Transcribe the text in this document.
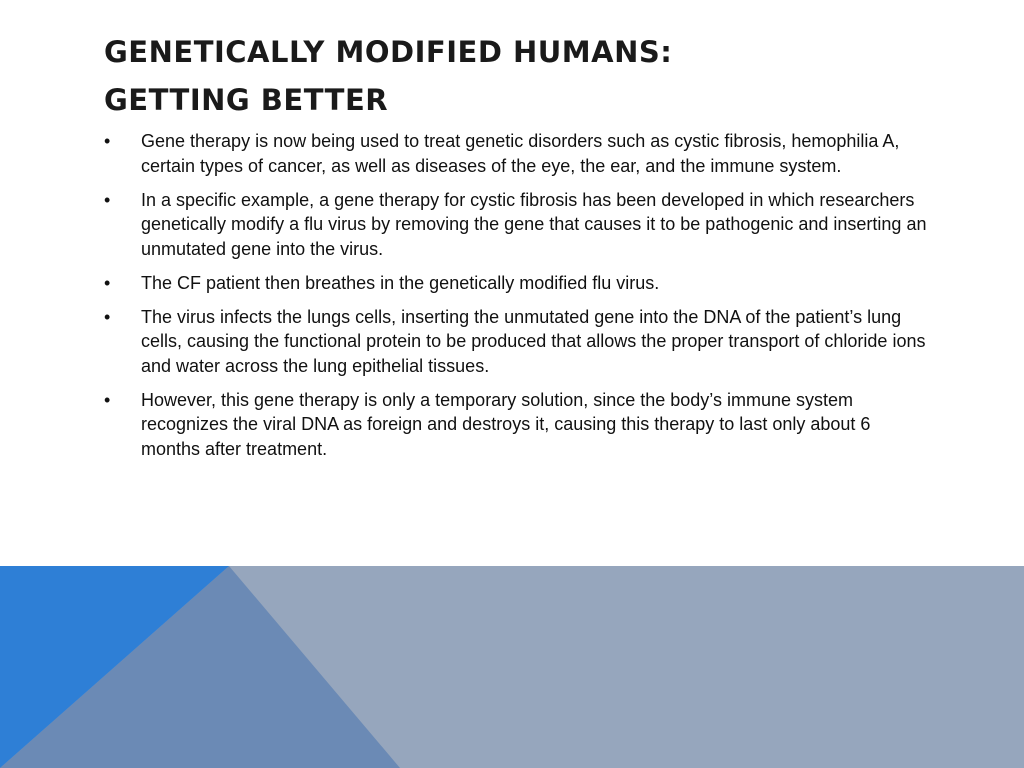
GENETICALLY MODIFIED HUMANS:
GETTING BETTER
• Gene therapy is now being used to treat genetic disorders such as cystic fibrosis, hemophilia A, certain types of cancer, as well as diseases of the eye, the ear, and the immune system.
• In a specific example, a gene therapy for cystic fibrosis has been developed in which researchers genetically modify a flu virus by removing the gene that causes it to be pathogenic and inserting an unmutated gene into the virus.
• The CF patient then breathes in the genetically modified flu virus.
• The virus infects the lungs cells, inserting the unmutated gene into the DNA of the patient’s lung cells, causing the functional protein to be produced that allows the proper transport of chloride ions and water across the lung epithelial tissues.
• However, this gene therapy is only a temporary solution, since the body’s immune system recognizes the viral DNA as foreign and destroys it, causing this therapy to last only about 6 months after treatment.
